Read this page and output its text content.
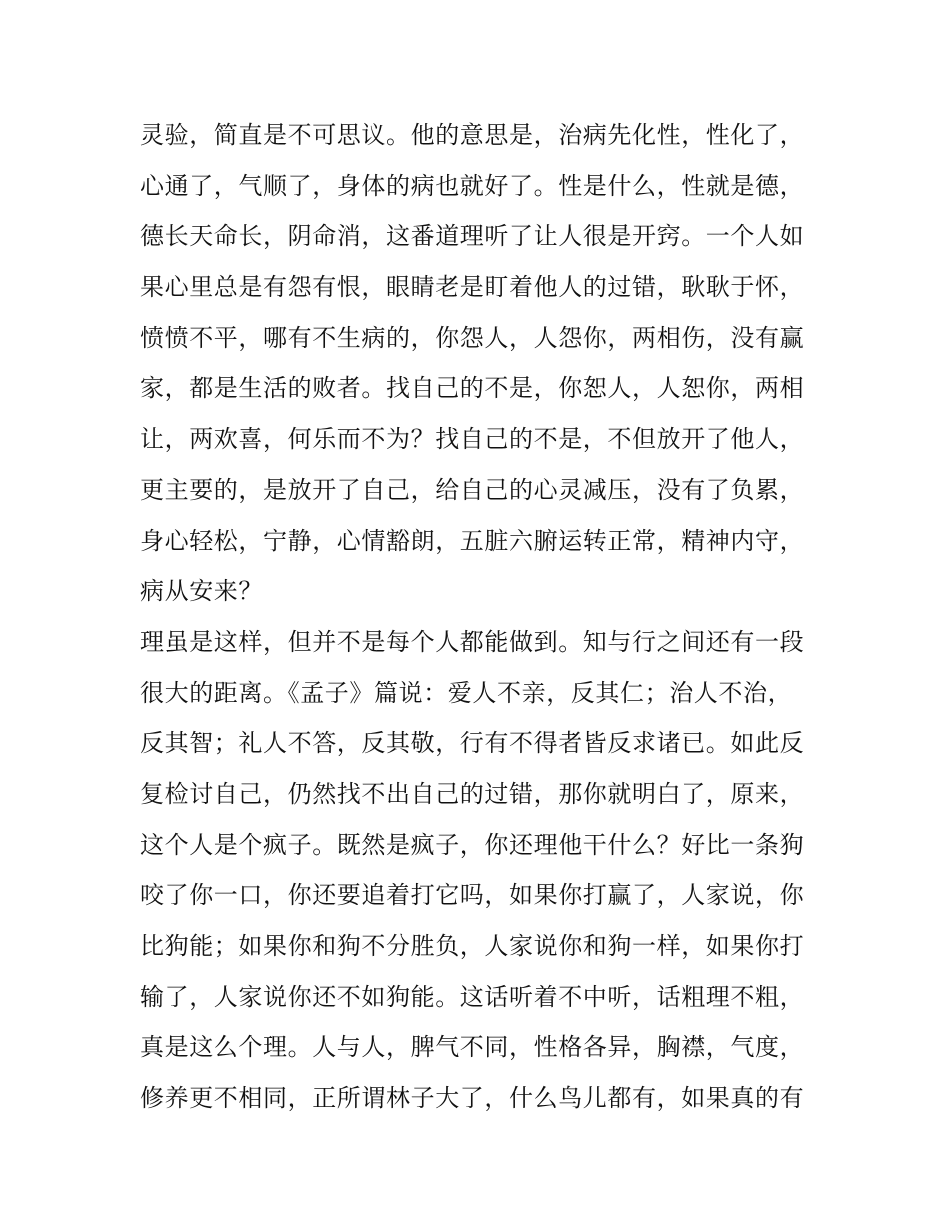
灵验，简直是不可思议。他的意思是，治病先化性，性化了，
心通了，气顺了，身体的病也就好了。性是什么，性就是德，
德长天命长，阴命消，这番道理听了让人很是开窍。一个人如
果心里总是有怨有恨，眼睛老是盯着他人的过错，耿耿于怀，
愤愤不平，哪有不生病的，你怨人，人怨你，两相伤，没有赢
家，都是生活的败者。找自己的不是，你恕人，人恕你，两相
让，两欢喜，何乐而不为？找自己的不是，不但放开了他人，
更主要的，是放开了自己，给自己的心灵减压，没有了负累，
身心轻松，宁静，心情豁朗，五脏六腑运转正常，精神内守，
病从安来？
理虽是这样，但并不是每个人都能做到。知与行之间还有一段
很大的距离。《孟子》篇说：爱人不亲，反其仁；治人不治，
反其智；礼人不答，反其敬，行有不得者皆反求诸已。如此反
复检讨自己，仍然找不出自己的过错，那你就明白了，原来，
这个人是个疯子。既然是疯子，你还理他干什么？好比一条狗
咬了你一口，你还要追着打它吗，如果你打赢了，人家说，你
比狗能；如果你和狗不分胜负，人家说你和狗一样，如果你打
输了，人家说你还不如狗能。这话听着不中听，话粗理不粗，
真是这么个理。人与人，脾气不同，性格各异，胸襟，气度，
修养更不相同，正所谓林子大了，什么鸟儿都有，如果真的有
